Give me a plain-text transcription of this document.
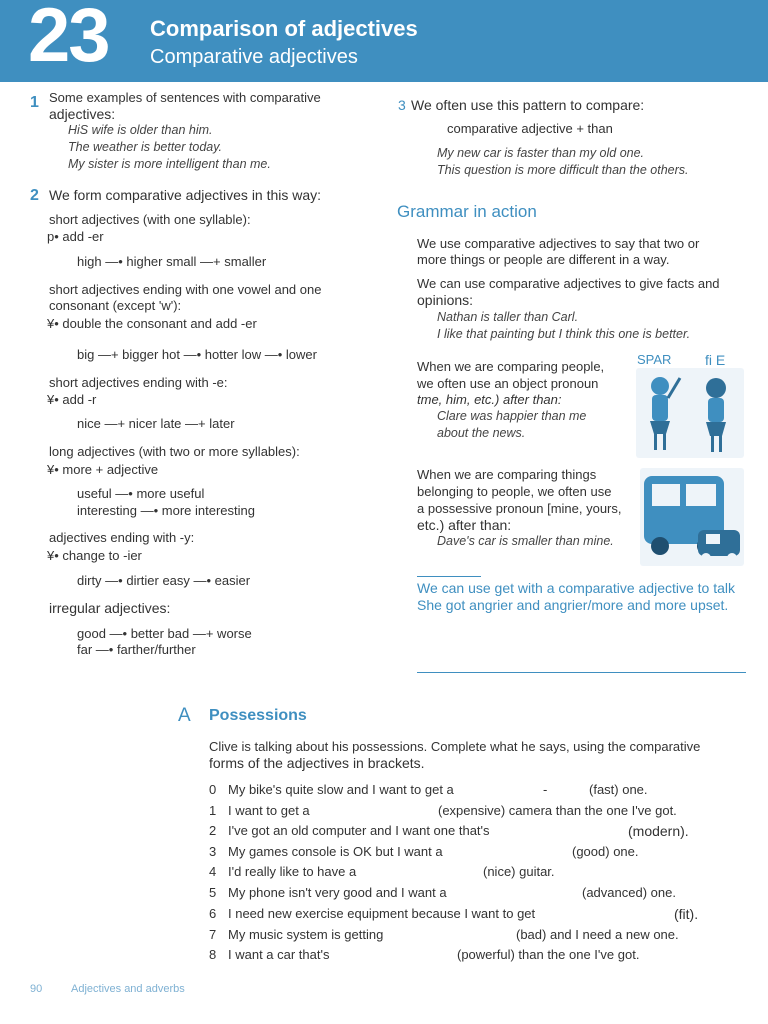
23 Comparison of adjectives
Comparative adjectives
1 Some examples of sentences with comparative
adjectives:
HiS wife is older than him.
The weather is better today.
My sister is more intelligent than me.
2 We form comparative adjectives in this way:
short adjectives (with one syllable):
p• add -er
high —• higher small —+ smaller
short adjectives ending with one vowel and one
consonant (except 'w'):
¥• double the consonant and add -er
big —+ bigger hot —• hotter low —• lower
short adjectives ending with -e:
¥• add -r
nice —+ nicer late —+ later
long adjectives (with two or more syllables):
¥• more + adjective
useful —• more useful
interesting —• more interesting
adjectives ending with -y:
¥• change to -ier
dirty —• dirtier easy —• easier
irregular adjectives:
good —• better bad —+ worse
far —• farther/further
3 We often use this pattern to compare:
comparative adjective + than
My new car is faster than my old one.
This question is more difficult than the others.
Grammar in action
We use comparative adjectives to say that two or
more things or people are different in a way.
We can use comparative adjectives to give facts and
opinions:
Nathan is taller than Carl.
I like that painting but I think this one is better.
When we are comparing people,
we often use an object pronoun
tme, him, etc.) after than:
Clare was happier than me
about the news.
SPAR fi E
When we are comparing things
belonging to people, we often use
a possessive pronoun [mine, yours,
etc.) after than:
Dave's car is smaller than mine.
We can use get with a comparative adjective to talk
She got angrier and angrier/more and more upset.
A Possessions
Clive is talking about his possessions. Complete what he says, using the comparative
forms of the adjectives in brackets.
0 My bike's quite slow and I want to get a	-	(fast) one.
1 I want to get a	(expensive) camera than the one I've got.
2 I've got an old computer and I want one that's	(modern).
3 My games console is OK but I want a	(good) one.
4 I'd really like to have a	(nice) guitar.
5 My phone isn't very good and I want a	(advanced) one.
6 I need new exercise equipment because I want to get	(fit).
7 My music system is getting	(bad) and I need a new one.
8 I want a car that's	(powerful) than the one I've got.
90	Adjectives and adverbs
